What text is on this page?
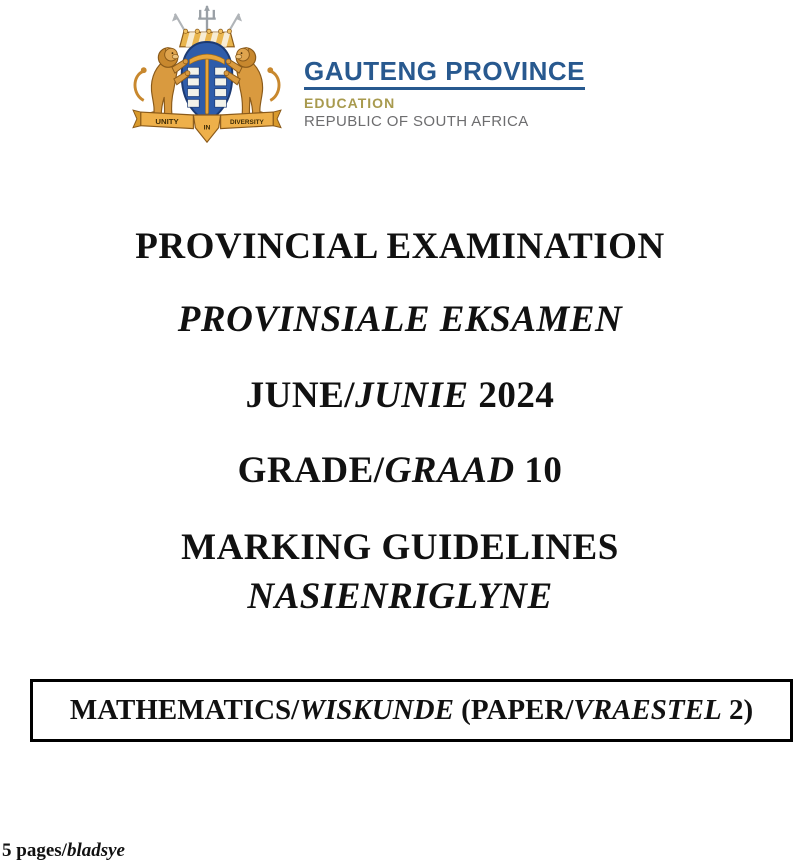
UNITY
IN
DIVERSITY
GAUTENG PROVINCE
EDUCATION
REPUBLIC OF SOUTH AFRICA
PROVINCIAL EXAMINATION
PROVINSIALE EKSAMEN
JUNE/JUNIE 2024
GRADE/GRAAD 10
MARKING GUIDELINES
NASIENRIGLYNE
MATHEMATICS/ WISKUNDE (PAPER/ VRAESTEL 2)
5 pages/bladsye
